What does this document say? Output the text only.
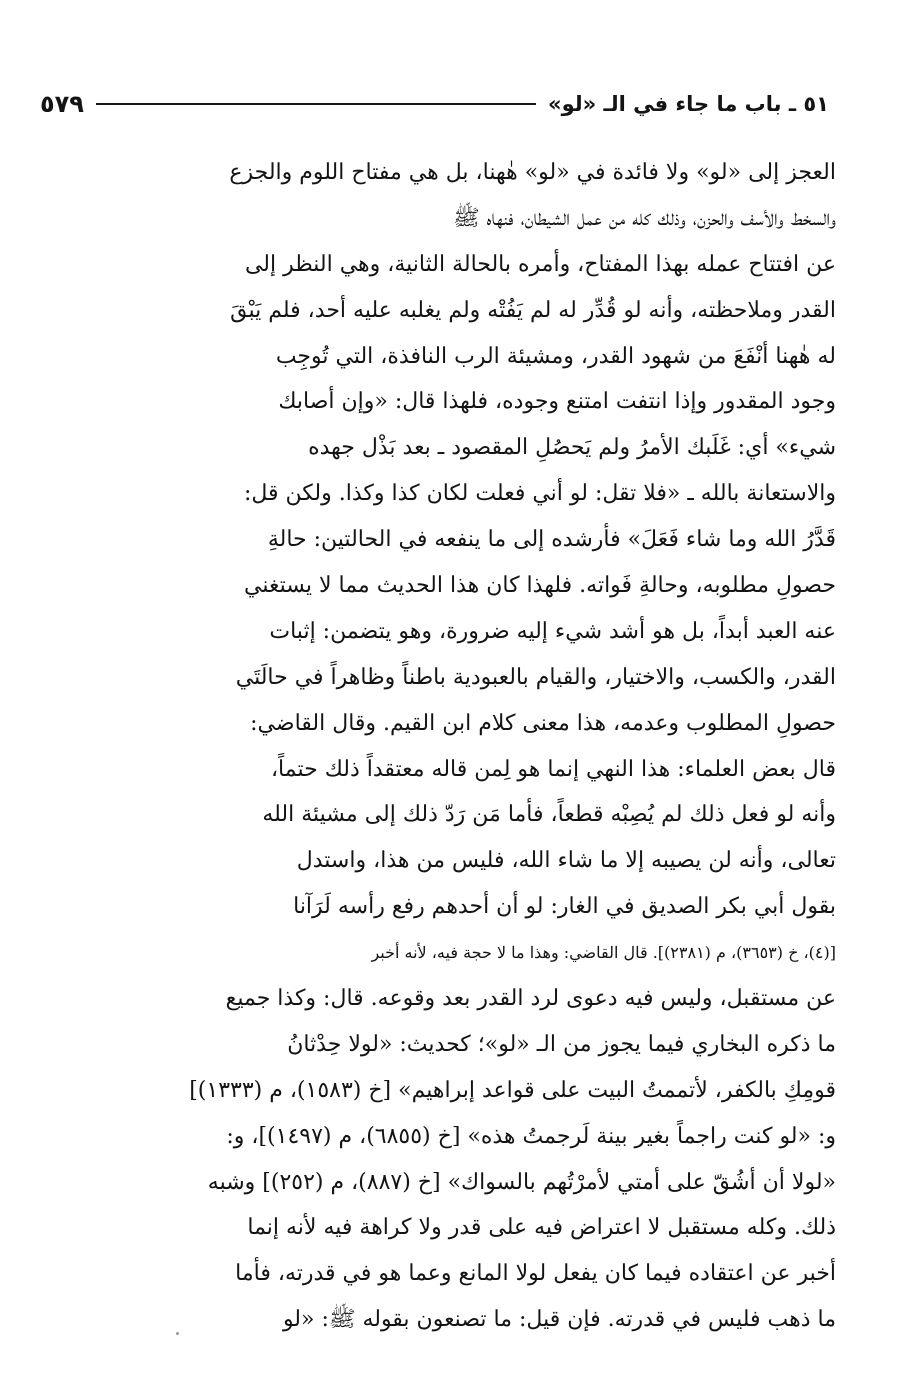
٥١ ـ باب ما جاء في الـ «لو»
٥٧٩
العجز إلى «لو» ولا فائدة في «لو» هٰهنا، بل هي مفتاح اللوم والجزع
والسخط والأسف والحزن، وذلك كله من عمل الشيطان، فنهاه ﷺ
عن افتتاح عمله بهذا المفتاح، وأمره بالحالة الثانية، وهي النظر إلى
القدر وملاحظته، وأنه لو قُدِّر له لم يَفُتْه ولم يغلبه عليه أحد، فلم يَبْقَ
له هٰهنا أنْفَعَ من شهود القدر، ومشيئة الرب النافذة، التي تُوجِب
وجود المقدور وإذا انتفت امتنع وجوده، فلهذا قال: «وإن أصابك
شيء» أي: غَلَبك الأمرُ ولم يَحصُلِ المقصود ـ بعد بَذْل جهده
والاستعانة بالله ـ «فلا تقل: لو أني فعلت لكان كذا وكذا. ولكن قل:
قَدَّرُ الله وما شاء فَعَلَ» فأرشده إلى ما ينفعه في الحالتين: حالةِ
حصولِ مطلوبه، وحالةِ فَواته. فلهذا كان هذا الحديث مما لا يستغني
عنه العبد أبداً، بل هو أشد شيء إليه ضرورة، وهو يتضمن: إثبات
القدر، والكسب، والاختيار، والقيام بالعبودية باطناً وظاهراً في حالَتَي
حصولِ المطلوب وعدمه، هذا معنى كلام ابن القيم. وقال القاضي:
قال بعض العلماء: هذا النهي إنما هو لِمن قاله معتقداً ذلك حتماً،
وأنه لو فعل ذلك لم يُصِبْه قطعاً، فأما مَن رَدّ ذلك إلى مشيئة الله
تعالى، وأنه لن يصيبه إلا ما شاء الله، فليس من هذا، واستدل
بقول أبي بكر الصديق في الغار: لو أن أحدهم رفع رأسه لَرَآنا
[(٤)، خ (٣٦٥٣)، م (٢٣٨١)]. قال القاضي: وهذا ما لا حجة فيه، لأنه أخبر
عن مستقبل، وليس فيه دعوى لرد القدر بعد وقوعه. قال: وكذا جميع
ما ذكره البخاري فيما يجوز من الـ «لو»؛ كحديث: «لولا حِدْثانُ
قومِكِ بالكفر، لأتممتُ البيت على قواعد إبراهيم» [خ (١٥٨٣)، م (١٣٣٣)]
و: «لو كنت راجماً بغير بينة لَرجمتُ هذه» [خ (٦٨٥٥)، م (١٤٩٧)]، و:
«لولا أن أشُقّ على أمتي لأمرْتُهم بالسواك» [خ (٨٨٧)، م (٢٥٢)] وشبه
ذلك. وكله مستقبل لا اعتراض فيه على قدر ولا كراهة فيه لأنه إنما
أخبر عن اعتقاده فيما كان يفعل لولا المانع وعما هو في قدرته، فأما
ما ذهب فليس في قدرته. فإن قيل: ما تصنعون بقوله ﷺ: «لو
